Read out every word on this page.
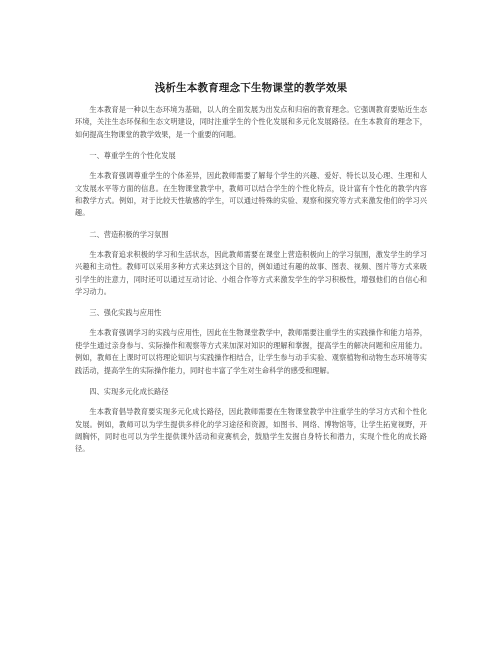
浅析生本教育理念下生物课堂的教学效果

生本教育是一种以生态环境为基础，以人的全面发展为出发点和归宿的教育理念。它强调教育要贴近生态环境，关注生态环保和生态文明建设，同时注重学生的个性化发展和多元化发展路径。在生本教育的理念下，如何提高生物课堂的教学效果，是一个重要的问题。

一、尊重学生的个性化发展

生本教育强调尊重学生的个体差异，因此教师需要了解每个学生的兴趣、爱好、特长以及心理、生理和人文发展水平等方面的信息。在生物课堂教学中，教师可以结合学生的个性化特点，设计富有个性化的教学内容和教学方式。例如，对于比较天性敏感的学生，可以通过特殊的实验、观察和探究等方式来激发他们的学习兴趣。

二、营造积极的学习氛围

生本教育追求积极的学习和生活状态，因此教师需要在课堂上营造积极向上的学习氛围，激发学生的学习兴趣和主动性。教师可以采用多种方式来达到这个目的，例如通过有趣的故事、图表、视频、图片等方式来吸引学生的注意力，同时还可以通过互动讨论、小组合作等方式来激发学生的学习积极性，增强他们的自信心和学习动力。

三、强化实践与应用性

生本教育强调学习的实践与应用性，因此在生物课堂教学中，教师需要注重学生的实践操作和能力培养，使学生通过亲身参与、实际操作和观察等方式来加深对知识的理解和掌握，提高学生的解决问题和应用能力。例如，教师在上课时可以将理论知识与实践操作相结合，让学生参与动手实验、观察植物和动物生态环境等实践活动，提高学生的实际操作能力，同时也丰富了学生对生命科学的感受和理解。

四、实现多元化成长路径

生本教育倡导教育要实现多元化成长路径，因此教师需要在生物课堂教学中注重学生的学习方式和个性化发展。例如，教师可以为学生提供多样化的学习途径和资源，如图书、网络、博物馆等，让学生拓宽视野，开阔胸怀，同时也可以为学生提供课外活动和竞赛机会，鼓励学生发掘自身特长和潜力，实现个性化的成长路径。
